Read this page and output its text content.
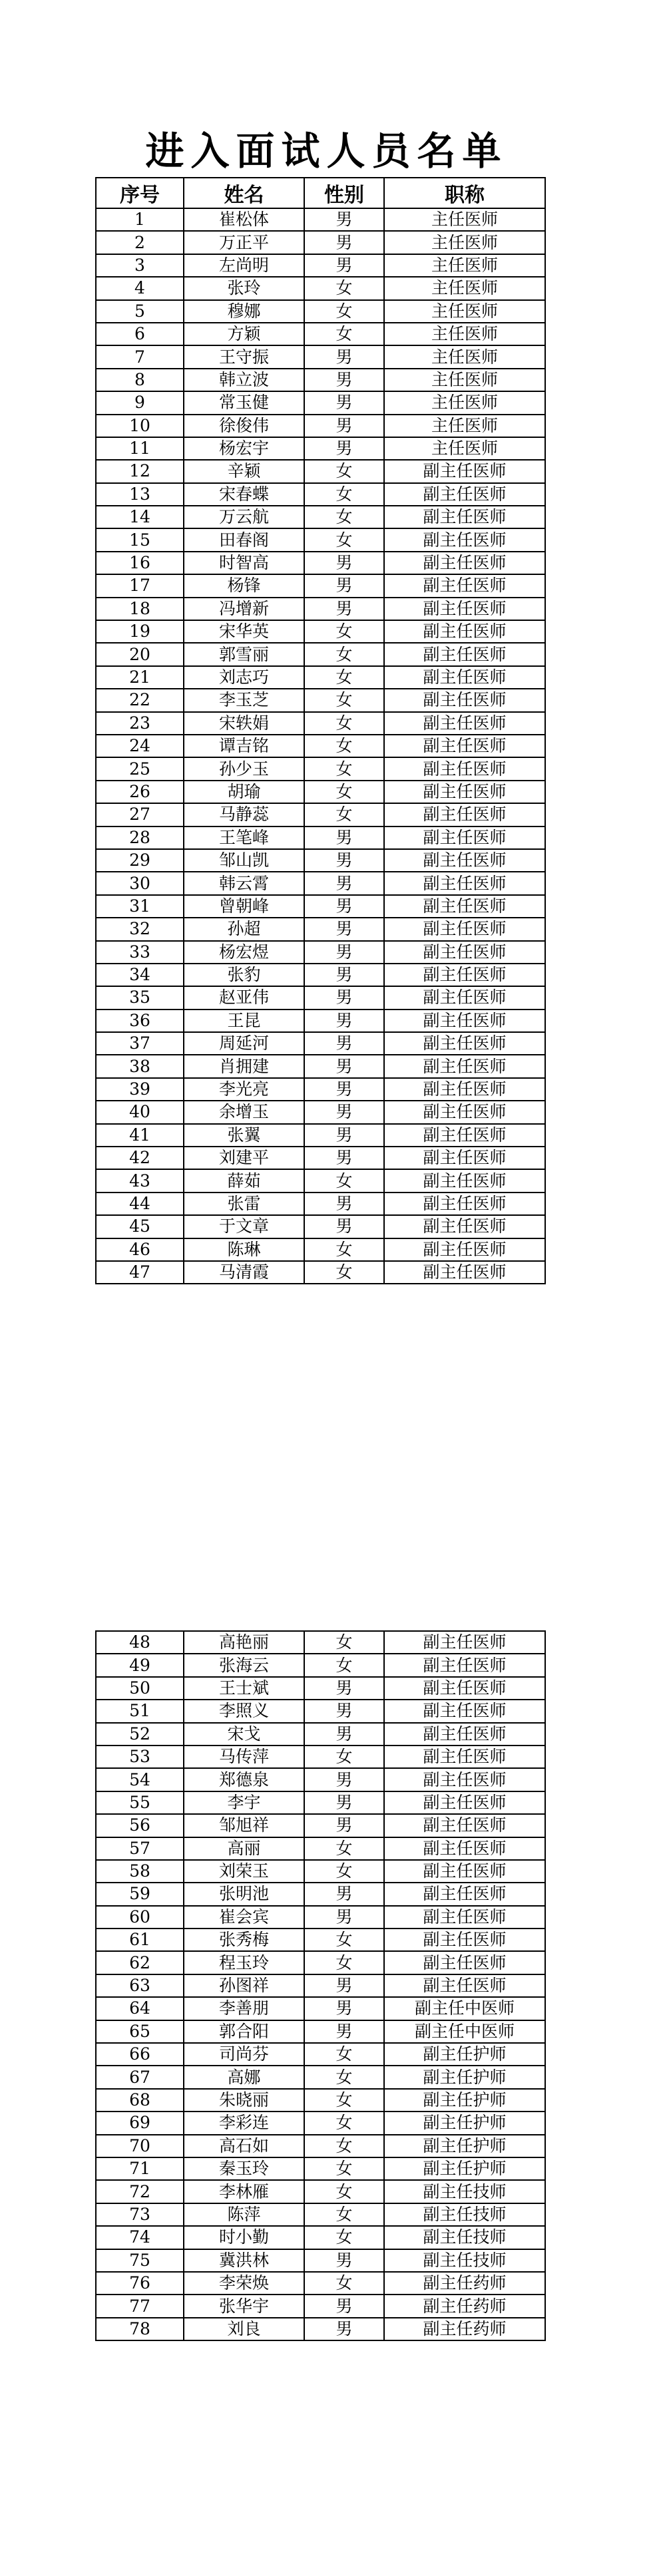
进入面试人员名单
序号	姓名	性别	职称
1	崔松体	男	主任医师
2	万正平	男	主任医师
3	左尚明	男	主任医师
4	张玲	女	主任医师
5	穆娜	女	主任医师
6	方颖	女	主任医师
7	王守振	男	主任医师
8	韩立波	男	主任医师
9	常玉健	男	主任医师
10	徐俊伟	男	主任医师
11	杨宏宇	男	主任医师
12	辛颖	女	副主任医师
13	宋春蝶	女	副主任医师
14	万云航	女	副主任医师
15	田春阁	女	副主任医师
16	时智高	男	副主任医师
17	杨锋	男	副主任医师
18	冯增新	男	副主任医师
19	宋华英	女	副主任医师
20	郭雪丽	女	副主任医师
21	刘志巧	女	副主任医师
22	李玉芝	女	副主任医师
23	宋轶娟	女	副主任医师
24	谭吉铭	女	副主任医师
25	孙少玉	女	副主任医师
26	胡瑜	女	副主任医师
27	马静蕊	女	副主任医师
28	王笔峰	男	副主任医师
29	邹山凯	男	副主任医师
30	韩云霄	男	副主任医师
31	曾朝峰	男	副主任医师
32	孙超	男	副主任医师
33	杨宏煜	男	副主任医师
34	张豹	男	副主任医师
35	赵亚伟	男	副主任医师
36	王昆	男	副主任医师
37	周延河	男	副主任医师
38	肖拥建	男	副主任医师
39	李光亮	男	副主任医师
40	余增玉	男	副主任医师
41	张翼	男	副主任医师
42	刘建平	男	副主任医师
43	薛茹	女	副主任医师
44	张雷	男	副主任医师
45	于文章	男	副主任医师
46	陈琳	女	副主任医师
47	马清霞	女	副主任医师
48	高艳丽	女	副主任医师
49	张海云	女	副主任医师
50	王士斌	男	副主任医师
51	李照义	男	副主任医师
52	宋戈	男	副主任医师
53	马传萍	女	副主任医师
54	郑德泉	男	副主任医师
55	李宇	男	副主任医师
56	邹旭祥	男	副主任医师
57	高丽	女	副主任医师
58	刘荣玉	女	副主任医师
59	张明池	男	副主任医师
60	崔会宾	男	副主任医师
61	张秀梅	女	副主任医师
62	程玉玲	女	副主任医师
63	孙图祥	男	副主任医师
64	李善朋	男	副主任中医师
65	郭合阳	男	副主任中医师
66	司尚芬	女	副主任护师
67	高娜	女	副主任护师
68	朱晓丽	女	副主任护师
69	李彩连	女	副主任护师
70	高石如	女	副主任护师
71	秦玉玲	女	副主任护师
72	李林雁	女	副主任技师
73	陈萍	女	副主任技师
74	时小勤	女	副主任技师
75	冀洪林	男	副主任技师
76	李荣焕	女	副主任药师
77	张华宇	男	副主任药师
78	刘良	男	副主任药师
